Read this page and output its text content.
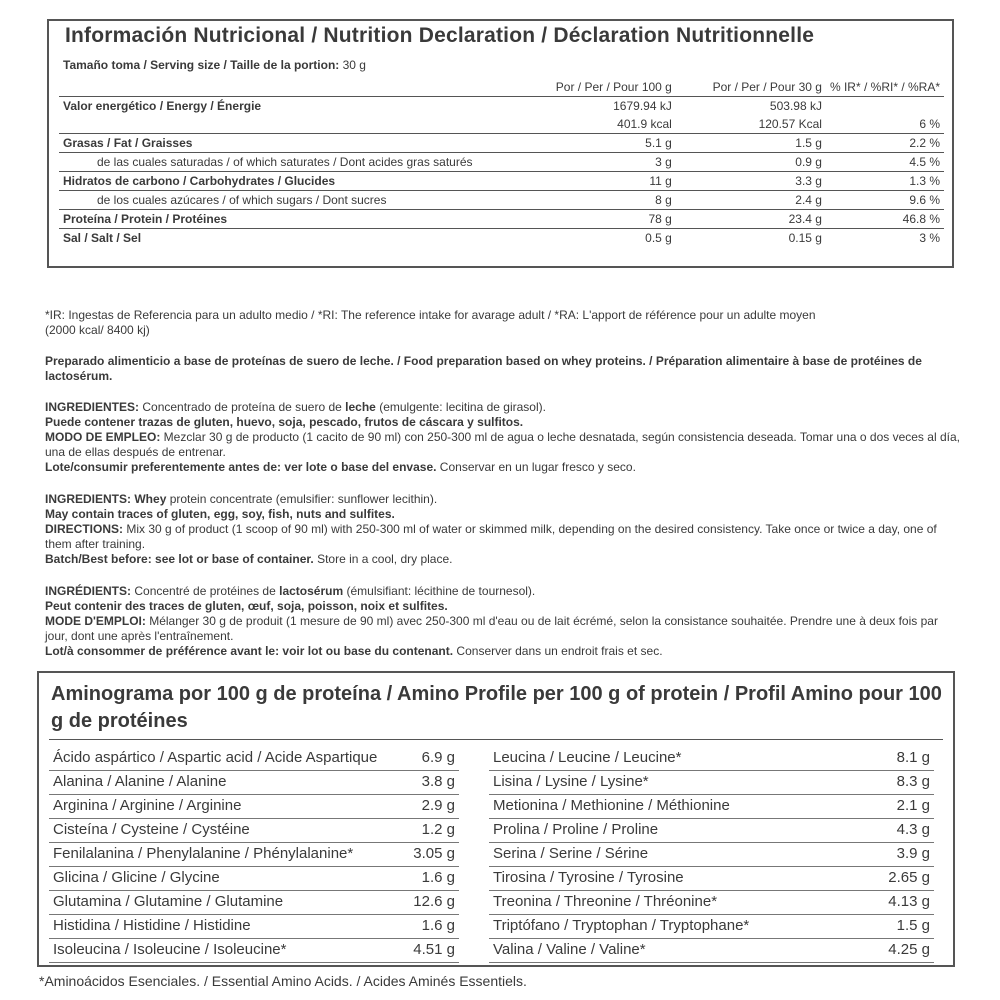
Información Nutricional / Nutrition Declaration / Déclaration Nutritionnelle
Tamaño toma / Serving size / Taille de la portion: 30 g
	Por / Per / Pour 100 g	Por / Per / Pour 30 g	% IR* / %RI* / %RA*
Valor energético / Energy / Énergie	1679.94 kJ	503.98 kJ	
	401.9 kcal	120.57 Kcal	6 %
Grasas / Fat / Graisses	5.1 g	1.5 g	2.2 %
de las cuales saturadas / of which saturates / Dont acides gras saturés	3 g	0.9 g	4.5 %
Hidratos de carbono / Carbohydrates / Glucides	11 g	3.3 g	1.3 %
de los cuales azúcares / of which sugars / Dont sucres	8 g	2.4 g	9.6 %
Proteína / Protein / Protéines	78 g	23.4 g	46.8 %
Sal / Salt / Sel	0.5 g	0.15 g	3 %
*IR: Ingestas de Referencia para un adulto medio / *RI: The reference intake for avarage adult / *RA: L'apport de référence pour un adulte moyen
(2000 kcal/ 8400 kj)
Preparado alimenticio a base de proteínas de suero de leche. / Food preparation based on whey proteins. / Préparation alimentaire à base de protéines de lactosérum.
INGREDIENTES: Concentrado de proteína de suero de leche (emulgente: lecitina de girasol).
Puede contener trazas de gluten, huevo, soja, pescado, frutos de cáscara y sulfitos.
MODO DE EMPLEO: Mezclar 30 g de producto (1 cacito de 90 ml) con 250-300 ml de agua o leche desnatada, según consistencia deseada. Tomar una o dos veces al día, una de ellas después de entrenar.
Lote/consumir preferentemente antes de: ver lote o base del envase. Conservar en un lugar fresco y seco.
INGREDIENTS: Whey protein concentrate (emulsifier: sunflower lecithin).
May contain traces of gluten, egg, soy, fish, nuts and sulfites.
DIRECTIONS: Mix 30 g of product (1 scoop of 90 ml) with 250-300 ml of water or skimmed milk, depending on the desired consistency. Take once or twice a day, one of them after training.
Batch/Best before: see lot or base of container. Store in a cool, dry place.
INGRÉDIENTS: Concentré de protéines de lactosérum (émulsifiant: lécithine de tournesol).
Peut contenir des traces de gluten, œuf, soja, poisson, noix et sulfites.
MODE D'EMPLOI: Mélanger 30 g de produit (1 mesure de 90 ml) avec 250-300 ml d'eau ou de lait écrémé, selon la consistance souhaitée. Prendre une à deux fois par jour, dont une après l'entraînement.
Lot/à consommer de préférence avant le: voir lot ou base du contenant. Conserver dans un endroit frais et sec.
Aminograma por 100 g de proteína / Amino Profile per 100 g of protein / Profil Amino pour 100 g de protéines
Ácido aspártico / Aspartic acid / Acide Aspartique	6.9 g
Alanina / Alanine / Alanine	3.8 g
Arginina / Arginine / Arginine	2.9 g
Cisteína / Cysteine / Cystéine	1.2 g
Fenilalanina / Phenylalanine / Phénylalanine*	3.05 g
Glicina / Glicine / Glycine	1.6 g
Glutamina / Glutamine / Glutamine	12.6 g
Histidina / Histidine / Histidine	1.6 g
Isoleucina / Isoleucine / Isoleucine*	4.51 g
Leucina / Leucine / Leucine*	8.1 g
Lisina / Lysine / Lysine*	8.3 g
Metionina / Methionine / Méthionine	2.1 g
Prolina / Proline / Proline	4.3 g
Serina / Serine / Sérine	3.9 g
Tirosina / Tyrosine / Tyrosine	2.65 g
Treonina / Threonine / Thréonine*	4.13 g
Triptófano / Tryptophan / Tryptophane*	1.5 g
Valina / Valine / Valine*	4.25 g
*Aminoácidos Esenciales. / Essential Amino Acids. / Acides Aminés Essentiels.
